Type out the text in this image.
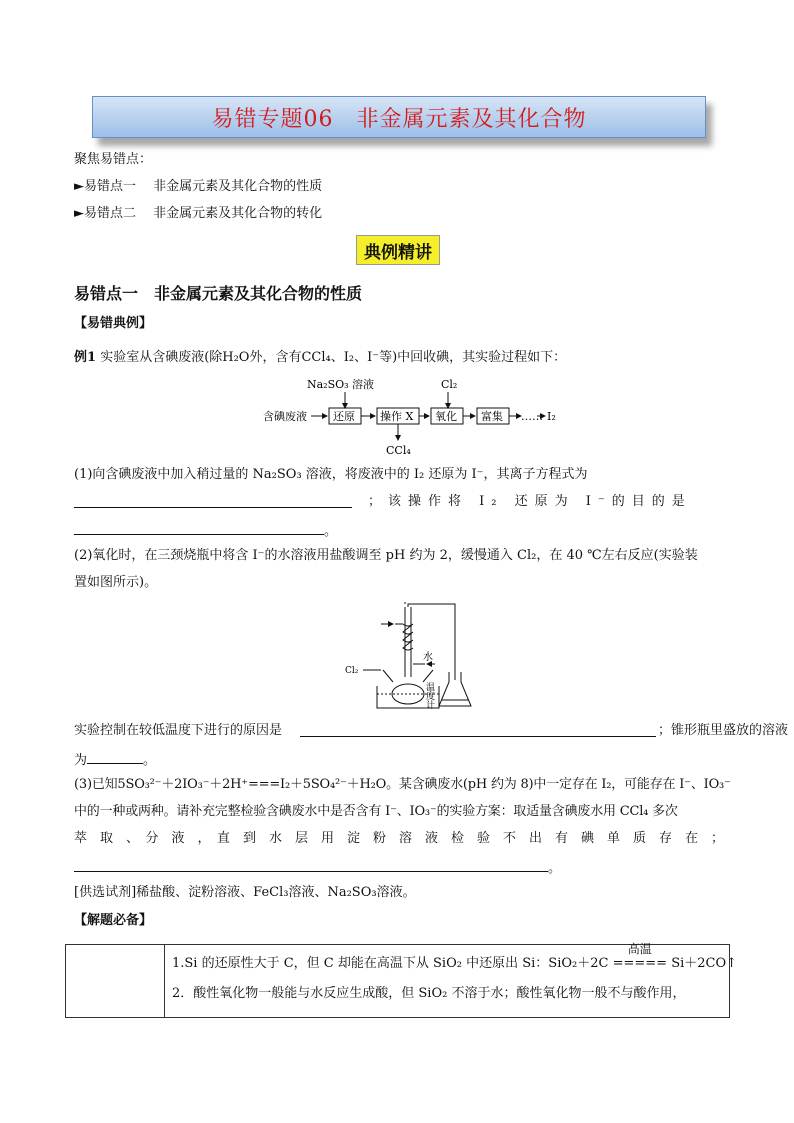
易错专题06　非金属元素及其化合物
聚焦易错点：
►易错点一　 非金属元素及其化合物的性质
►易错点二　 非金属元素及其化合物的转化
典例精讲
易错点一　非金属元素及其化合物的性质
【易错典例】
例1 实验室从含碘废液(除H₂O外，含有CCl₄、I₂、I⁻等)中回收碘，其实验过程如下：
Na₂SO₃ 溶液	Cl₂
含碘废液 还原 操作 X 氧化 富集 …… I₂
CCl₄
(1)向含碘废液中加入稍过量的 Na₂SO₃ 溶液，将废液中的 I₂ 还原为 I⁻，其离子方程式为
；该操作将 I₂ 还原为 I⁻的目的是
。
(2)氧化时，在三颈烧瓶中将含 I⁻的水溶液用盐酸调至 pH 约为 2，缓慢通入 Cl₂，在 40 ℃左右反应(实验装
置如图所示)。
水
Cl₂
温度计
实验控制在较低温度下进行的原因是	；锥形瓶里盛放的溶液
为	。
(3)已知5SO₃²⁻＋2IO₃⁻＋2H⁺===I₂＋5SO₄²⁻＋H₂O。某含碘废水(pH 约为 8)中一定存在 I₂，可能存在 I⁻、IO₃⁻
中的一种或两种。请补充完整检验含碘废水中是否含有 I⁻、IO₃⁻的实验方案：取适量含碘废水用 CCl₄ 多次
萃　取　、　分　液　，　直　到　水　层　用　淀　粉　溶　液　检　验　不　出　有　碘　单　质　存　在　；
。
[供选试剂]稀盐酸、淀粉溶液、FeCl₃溶液、Na₂SO₃溶液。
【解题必备】
1.Si 的还原性大于 C，但 C 却能在高温下从 SiO₂ 中还原出 Si：SiO₂＋2C
高温
===== Si＋2CO↑
2．酸性氧化物一般能与水反应生成酸，但 SiO₂ 不溶于水；酸性氧化物一般不与酸作用，
